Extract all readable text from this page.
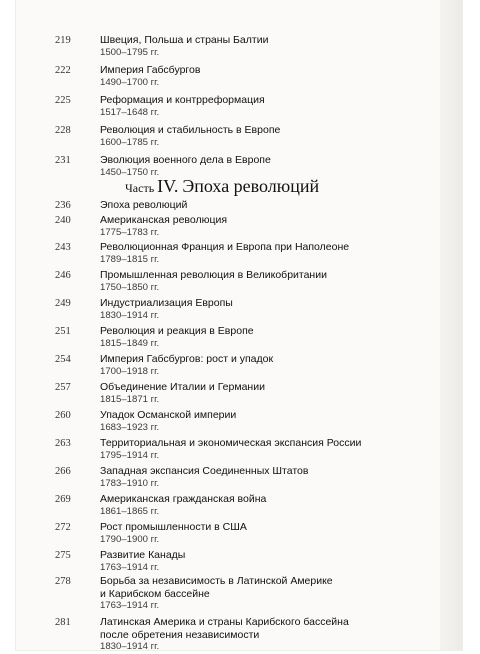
Часть IV. Эпоха революций
219	Швеция, Польша и страны Балтии
1500–1795 гг.
222	Империя Габсбургов
1490–1700 гг.
225	Реформация и контрреформация
1517–1648 гг.
228	Революция и стабильность в Европе
1600–1785 гг.
231	Эволюция военного дела в Европе
1450–1750 гг.
236	Эпоха революций
240	Американская революция
1775–1783 гг.
243	Революционная Франция и Европа при Наполеоне
1789–1815 гг.
246	Промышленная революция в Великобритании
1750–1850 гг.
249	Индустриализация Европы
1830–1914 гг.
251	Революция и реакция в Европе
1815–1849 гг.
254	Империя Габсбургов: рост и упадок
1700–1918 гг.
257	Объединение Италии и Германии
1815–1871 гг.
260	Упадок Османской империи
1683–1923 гг.
263	Территориальная и экономическая экспансия России
1795–1914 гг.
266	Западная экспансия Соединенных Штатов
1783–1910 гг.
269	Американская гражданская война
1861–1865 гг.
272	Рост промышленности в США
1790–1900 гг.
275	Развитие Канады
1763–1914 гг.
278	Борьба за независимость в Латинской Америке
и Карибском бассейне
1763–1914 гг.
281	Латинская Америка и страны Карибского бассейна
после обретения независимости
1830–1914 гг.
